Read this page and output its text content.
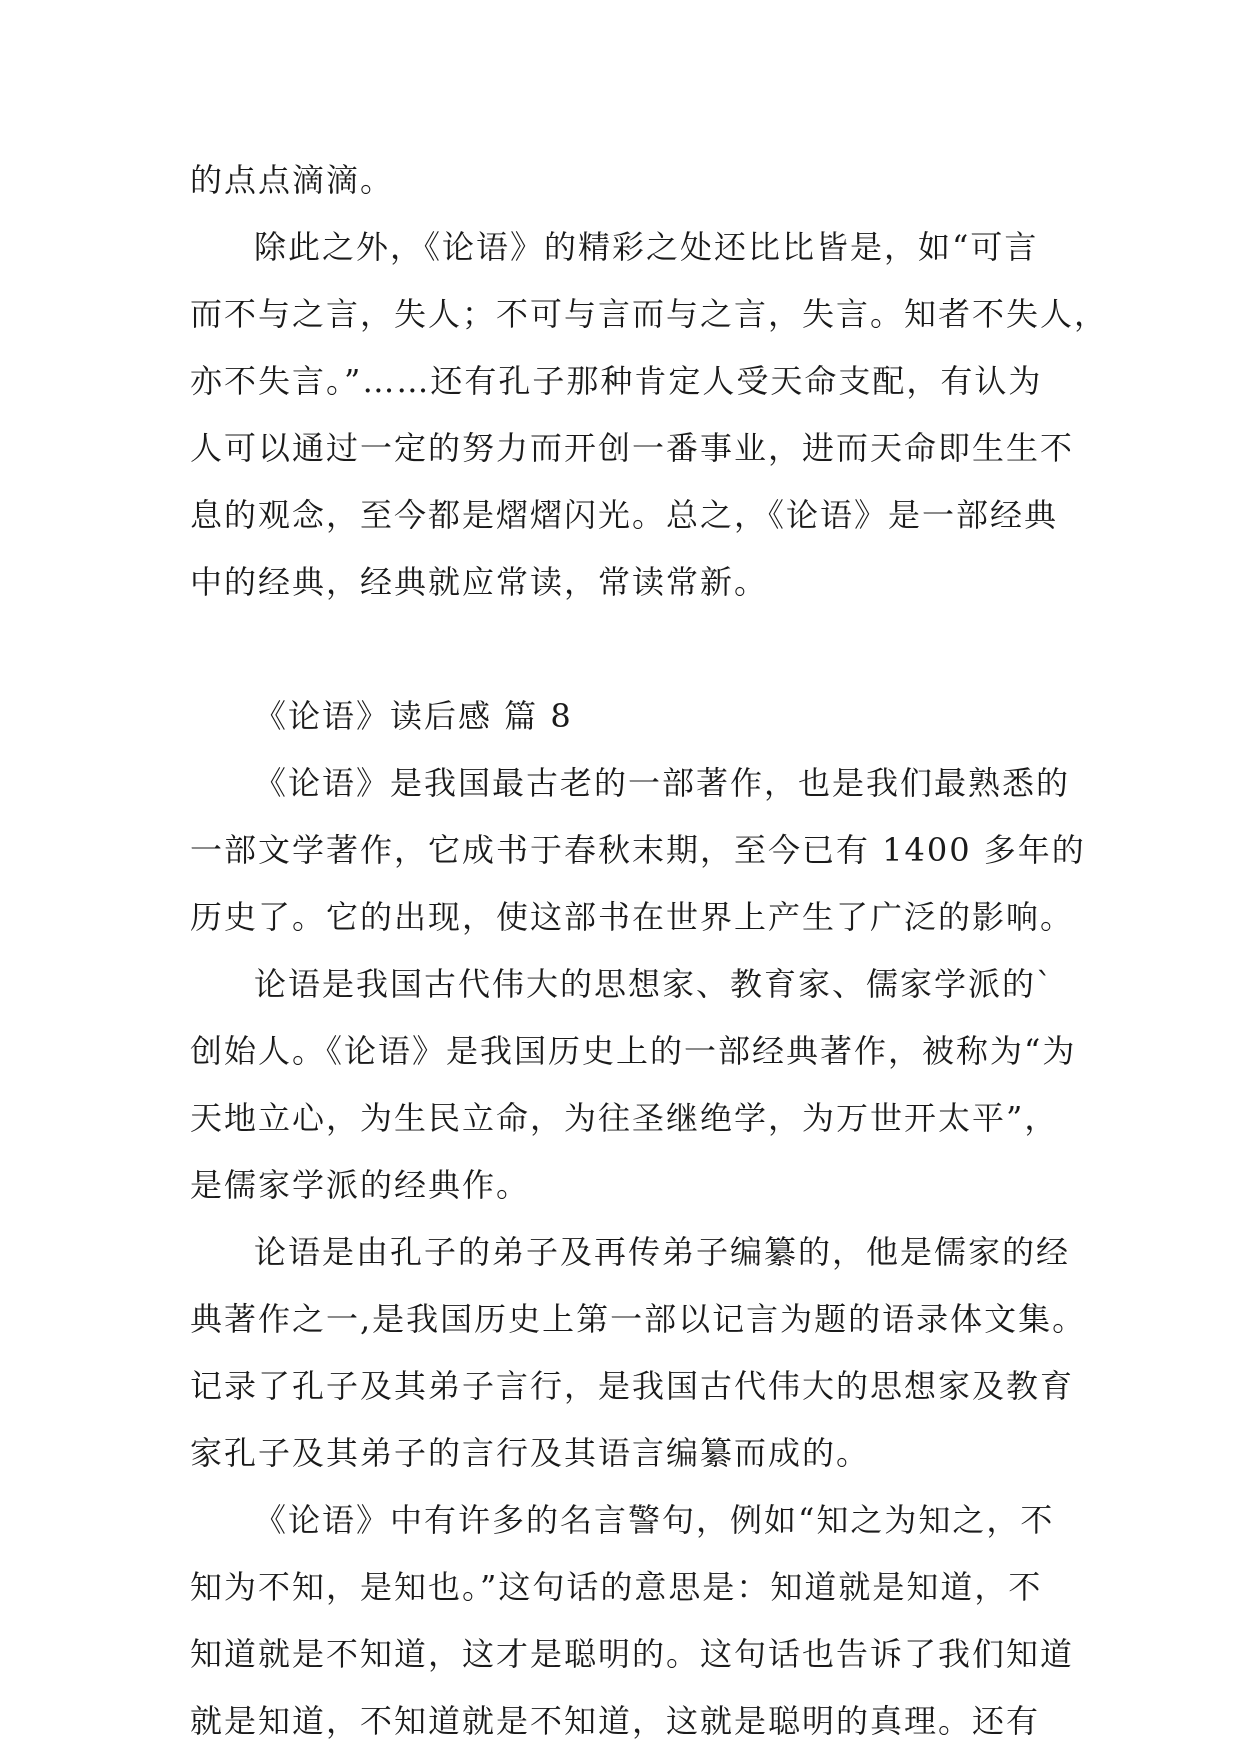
的点点滴滴。
除此之外，《论语》的精彩之处还比比皆是，如“可言
而不与之言，失人；不可与言而与之言，失言。知者不失人，
亦不失言。”……还有孔子那种肯定人受天命支配，有认为
人可以通过一定的努力而开创一番事业，进而天命即生生不
息的观念，至今都是熠熠闪光。总之，《论语》是一部经典
中的经典，经典就应常读，常读常新。
《论语》读后感 篇 8
《论语》是我国最古老的一部著作，也是我们最熟悉的
一部文学著作，它成书于春秋末期，至今已有 1400 多年的
历史了。它的出现，使这部书在世界上产生了广泛的影响。
论语是我国古代伟大的思想家、教育家、儒家学派的`
创始人。《论语》是我国历史上的一部经典著作，被称为“为
天地立心，为生民立命，为往圣继绝学，为万世开太平”，
是儒家学派的经典作。
论语是由孔子的弟子及再传弟子编纂的，他是儒家的经
典著作之一,是我国历史上第一部以记言为题的语录体文集。
记录了孔子及其弟子言行，是我国古代伟大的思想家及教育
家孔子及其弟子的言行及其语言编纂而成的。
《论语》中有许多的名言警句，例如“知之为知之，不
知为不知，是知也。”这句话的意思是：知道就是知道，不
知道就是不知道，这才是聪明的。这句话也告诉了我们知道
就是知道，不知道就是不知道，这就是聪明的真理。还有
